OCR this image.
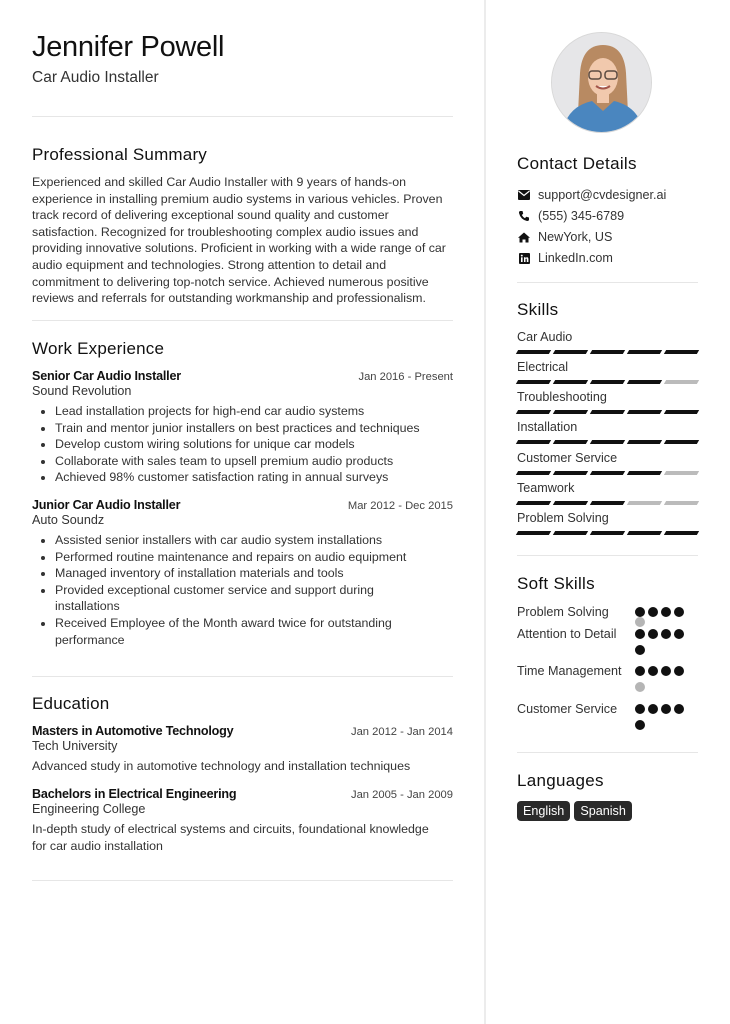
Jennifer Powell
Car Audio Installer
Professional Summary
Experienced and skilled Car Audio Installer with 9 years of hands-on experience in installing premium audio systems in various vehicles. Proven track record of delivering exceptional sound quality and customer satisfaction. Recognized for troubleshooting complex audio issues and providing innovative solutions. Proficient in working with a wide range of car audio equipment and technologies. Strong attention to detail and commitment to delivering top-notch service. Achieved numerous positive reviews and referrals for outstanding workmanship and professionalism.
Work Experience
Senior Car Audio Installer	Jan 2016 - Present
Sound Revolution
Lead installation projects for high-end car audio systems
Train and mentor junior installers on best practices and techniques
Develop custom wiring solutions for unique car models
Collaborate with sales team to upsell premium audio products
Achieved 98% customer satisfaction rating in annual surveys
Junior Car Audio Installer	Mar 2012 - Dec 2015
Auto Soundz
Assisted senior installers with car audio system installations
Performed routine maintenance and repairs on audio equipment
Managed inventory of installation materials and tools
Provided exceptional customer service and support during installations
Received Employee of the Month award twice for outstanding performance
Education
Masters in Automotive Technology	Jan 2012 - Jan 2014
Tech University
Advanced study in automotive technology and installation techniques
Bachelors in Electrical Engineering	Jan 2005 - Jan 2009
Engineering College
In-depth study of electrical systems and circuits, foundational knowledge for car audio installation
Contact Details
support@cvdesigner.ai
(555) 345-6789
NewYork, US
LinkedIn.com
Skills
Car Audio
Electrical
Troubleshooting
Installation
Customer Service
Teamwork
Problem Solving
Soft Skills
Problem Solving
Attention to Detail
Time Management
Customer Service
Languages
English	Spanish
